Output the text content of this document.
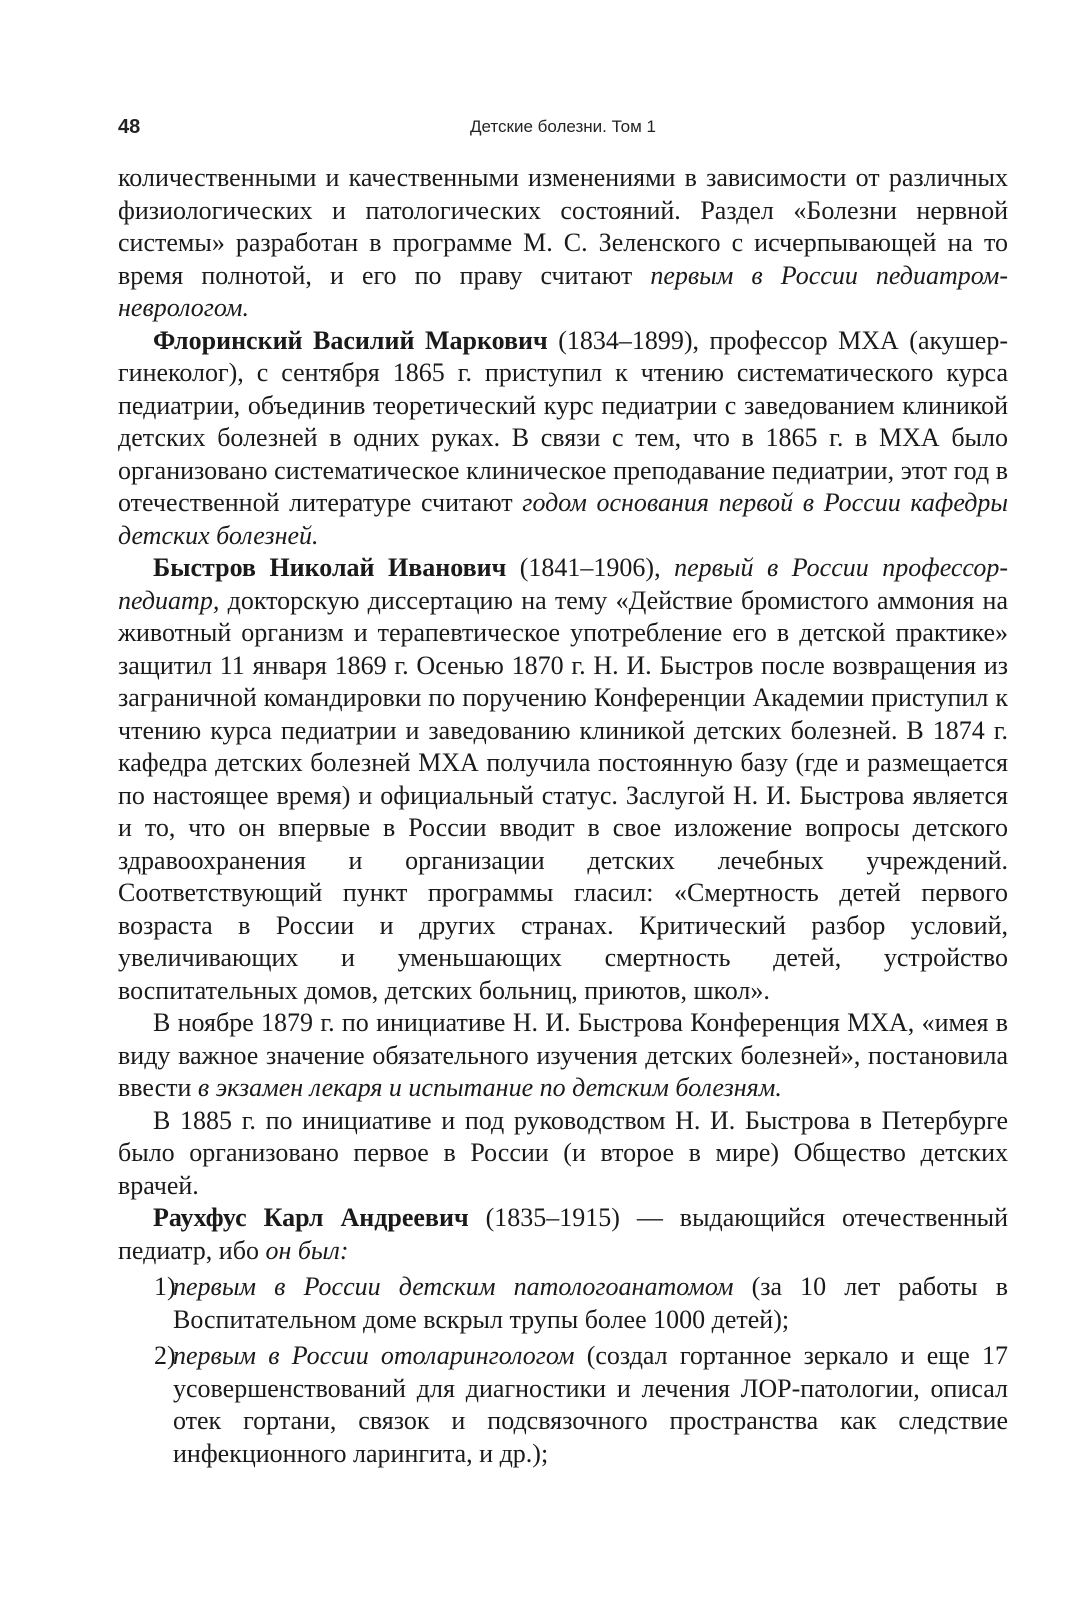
48	Детские болезни. Том 1

количественными и качественными изменениями в зависимости от различных физиологических и патологических состояний. Раздел «Болезни нервной системы» разработан в программе М. С. Зеленского с исчерпывающей на то время полнотой, и его по праву считают первым в России педиатром-неврологом.

Флоринский Василий Маркович (1834–1899), профессор МХА (акушер-гинеколог), с сентября 1865 г. приступил к чтению систематического курса педиатрии, объединив теоретический курс педиатрии с заведованием клиникой детских болезней в одних руках. В связи с тем, что в 1865 г. в МХА было организовано систематическое клиническое преподавание педиатрии, этот год в отечественной литературе считают годом основания первой в России кафедры детских болезней.

Быстров Николай Иванович (1841–1906), первый в России профессор-педиатр, докторскую диссертацию на тему «Действие бромистого аммония на животный организм и терапевтическое употребление его в детской практике» защитил 11 января 1869 г. Осенью 1870 г. Н. И. Быстров после возвращения из заграничной командировки по поручению Конференции Академии приступил к чтению курса педиатрии и заведованию клиникой детских болезней. В 1874 г. кафедра детских болезней МХА получила постоянную базу (где и размещается по настоящее время) и официальный статус. Заслугой Н. И. Быстрова является и то, что он впервые в России вводит в свое изложение вопросы детского здравоохранения и организации детских лечебных учреждений. Соответствующий пункт программы гласил: «Смертность детей первого возраста в России и других странах. Критический разбор условий, увеличивающих и уменьшающих смертность детей, устройство воспитательных домов, детских больниц, приютов, школ».

В ноябре 1879 г. по инициативе Н. И. Быстрова Конференция МХА, «имея в виду важное значение обязательного изучения детских болезней», постановила ввести в экзамен лекаря и испытание по детским болезням.

В 1885 г. по инициативе и под руководством Н. И. Быстрова в Петербурге было организовано первое в России (и второе в мире) Общество детских врачей.

Раухфус Карл Андреевич (1835–1915) — выдающийся отечественный педиатр, ибо он был:

1)
первым в России детским патологоанатомом (за 10 лет работы в Воспитательном доме вскрыл трупы более 1000 детей);
2)
первым в России отоларингологом (создал гортанное зеркало и еще 17 усовершенствований для диагностики и лечения ЛОР-патологии, описал отек гортани, связок и подсвязочного пространства как следствие инфекционного ларингита, и др.);
